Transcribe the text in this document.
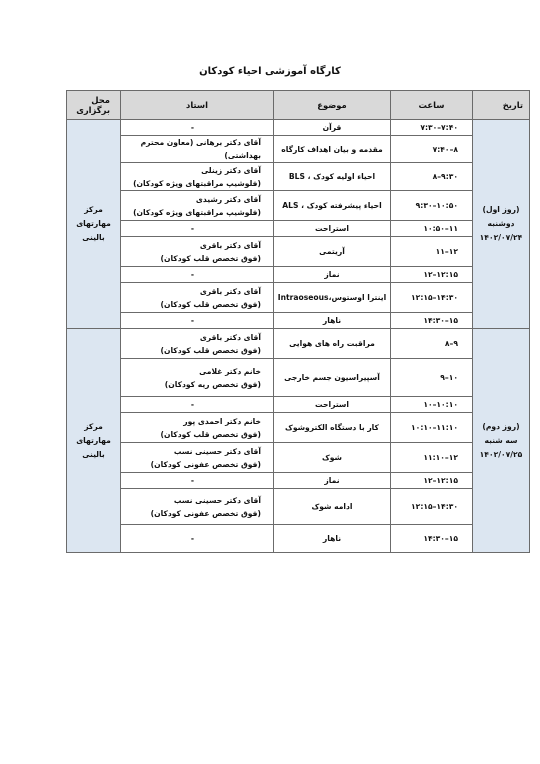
کارگاه آموزشی احیاء کودکان
تاریخ	ساعت	موضوع	استاد	محل برگزاری

(روز اول)
دوشنبه
۱۴۰۲/۰۷/۲۴	۷:۳۰–۷:۴۰	قرآن	-	مرکز مهارتهای
بالینی

	۷:۴۰–۸	مقدمه و بیان اهداف کارگاه	آقای دکتر برهانی (معاون محترم بهداشتی)	

	۸–۹:۳۰	احیاء اولیه کودک ، BLS	آقای دکتر زینلی
(فلوشیپ مراقبتهای ویژه کودکان)	

	۹:۳۰–۱۰:۵۰	احیاء پیشرفته کودک ، ALS	آقای دکتر رشیدی
(فلوشیپ مراقبتهای ویژه کودکان)	

	۱۰:۵۰–۱۱	استراحت	-	

	۱۱–۱۲	آریتمی	آقای دکتر باقری
(فوق تخصص قلب کودکان)	

	۱۲–۱۲:۱۵	نماز	-	

	۱۲:۱۵–۱۴:۳۰	اینترا اوستوس،Intraoseous	آقای دکتر باقری
(فوق تخصص قلب کودکان)	

	۱۴:۳۰–۱۵	ناهار	-	

(روز دوم)
سه شنبه
۱۴۰۲/۰۷/۲۵	۸–۹	مراقبت راه های هوایی	آقای دکتر باقری
(فوق تخصص قلب کودکان)	مرکز مهارتهای
بالینی

	۹–۱۰	آسپیراسیون جسم خارجی	خانم دکتر غلامی
(فوق تخصص ریه کودکان)	

	۱۰–۱۰:۱۰	استراحت	-	

	۱۰:۱۰–۱۱:۱۰	کار با دستگاه الکتروشوک	خانم دکتر احمدی پور
(فوق تخصص قلب کودکان)	

	۱۱:۱۰–۱۲	شوک	آقای دکتر حسینی نسب
(فوق تخصص عفونی کودکان)	

	۱۲–۱۲:۱۵	نماز	-	

	۱۲:۱۵–۱۴:۳۰	ادامه شوک	آقای دکتر حسینی نسب
(فوق تخصص عفونی کودکان)	

	۱۴:۳۰–۱۵	ناهار	-	
